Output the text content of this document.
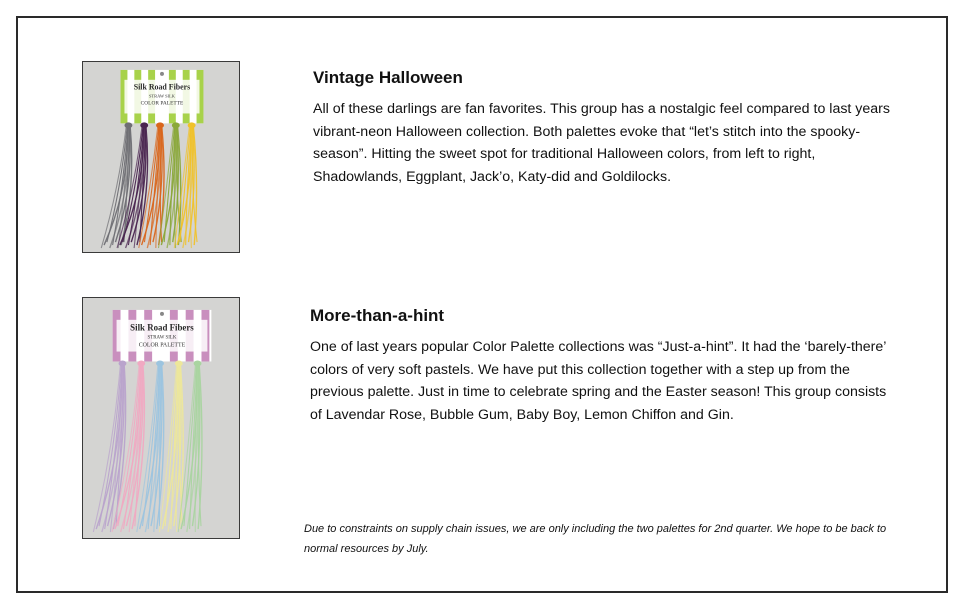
Silk Road Fibers
STRAW SILK
COLOR PALETTE
Vintage Halloween
All of these darlings are fan favorites. This group has a nostalgic feel compared to last years vibrant-neon Halloween collection. Both palettes evoke that “let’s stitch into the spooky-season”. Hitting the sweet spot for traditional Halloween colors, from left to right, Shadowlands, Eggplant, Jack’o, Katy-did and Goldilocks.
Silk Road Fibers
STRAW SILK
COLOR PALETTE
More-than-a-hint
One of last years popular Color Palette collections was “Just-a-hint”. It had the ‘barely-there’ colors of very soft pastels. We have put this collection together with a step up from the previous palette. Just in time to celebrate spring and the Easter season! This group consists of Lavendar Rose, Bubble Gum, Baby Boy, Lemon Chiffon and Gin.
Due to constraints on supply chain issues, we are only including the two palettes for 2nd quarter. We hope to be back to normal resources by July.
